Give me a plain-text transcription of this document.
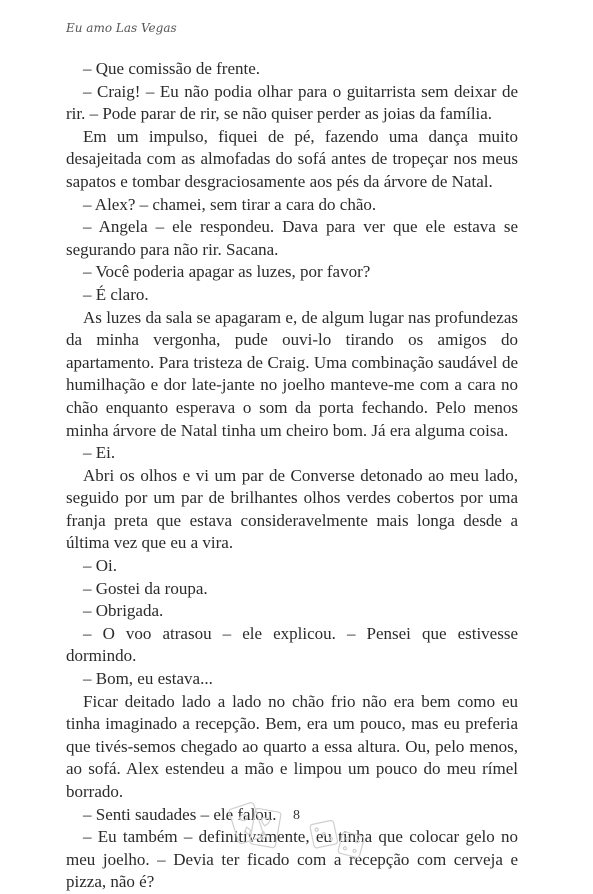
Eu amo Las Vegas

– Que comissão de frente.

– Craig! – Eu não podia olhar para o guitarrista sem deixar de rir. – Pode parar de rir, se não quiser perder as joias da família.

Em um impulso, fiquei de pé, fazendo uma dança muito desajeitada com as almofadas do sofá antes de tropeçar nos meus sapatos e tombar desgraciosamente aos pés da árvore de Natal.

– Alex? – chamei, sem tirar a cara do chão.

– Angela – ele respondeu. Dava para ver que ele estava se segurando para não rir. Sacana.

– Você poderia apagar as luzes, por favor?

– É claro.

As luzes da sala se apagaram e, de algum lugar nas profundezas da minha vergonha, pude ouvi-lo tirando os amigos do apartamento. Para tristeza de Craig. Uma combinação saudável de humilhação e dor late-jante no joelho manteve-me com a cara no chão enquanto esperava o som da porta fechando. Pelo menos minha árvore de Natal tinha um cheiro bom. Já era alguma coisa.

– Ei.

Abri os olhos e vi um par de Converse detonado ao meu lado, seguido por um par de brilhantes olhos verdes cobertos por uma franja preta que estava consideravelmente mais longa desde a última vez que eu a vira.

– Oi.

– Gostei da roupa.

– Obrigada.

– O voo atrasou – ele explicou. – Pensei que estivesse dormindo.

– Bom, eu estava...

Ficar deitado lado a lado no chão frio não era bem como eu tinha imaginado a recepção. Bem, era um pouco, mas eu preferia que tivés-semos chegado ao quarto a essa altura. Ou, pelo menos, ao sofá. Alex estendeu a mão e limpou um pouco do meu rímel borrado.

– Senti saudades – ele falou.

– Eu também – definitivamente, eu tinha que colocar gelo no meu joelho. – Devia ter ficado com a recepção com cerveja e pizza, não é?

8
